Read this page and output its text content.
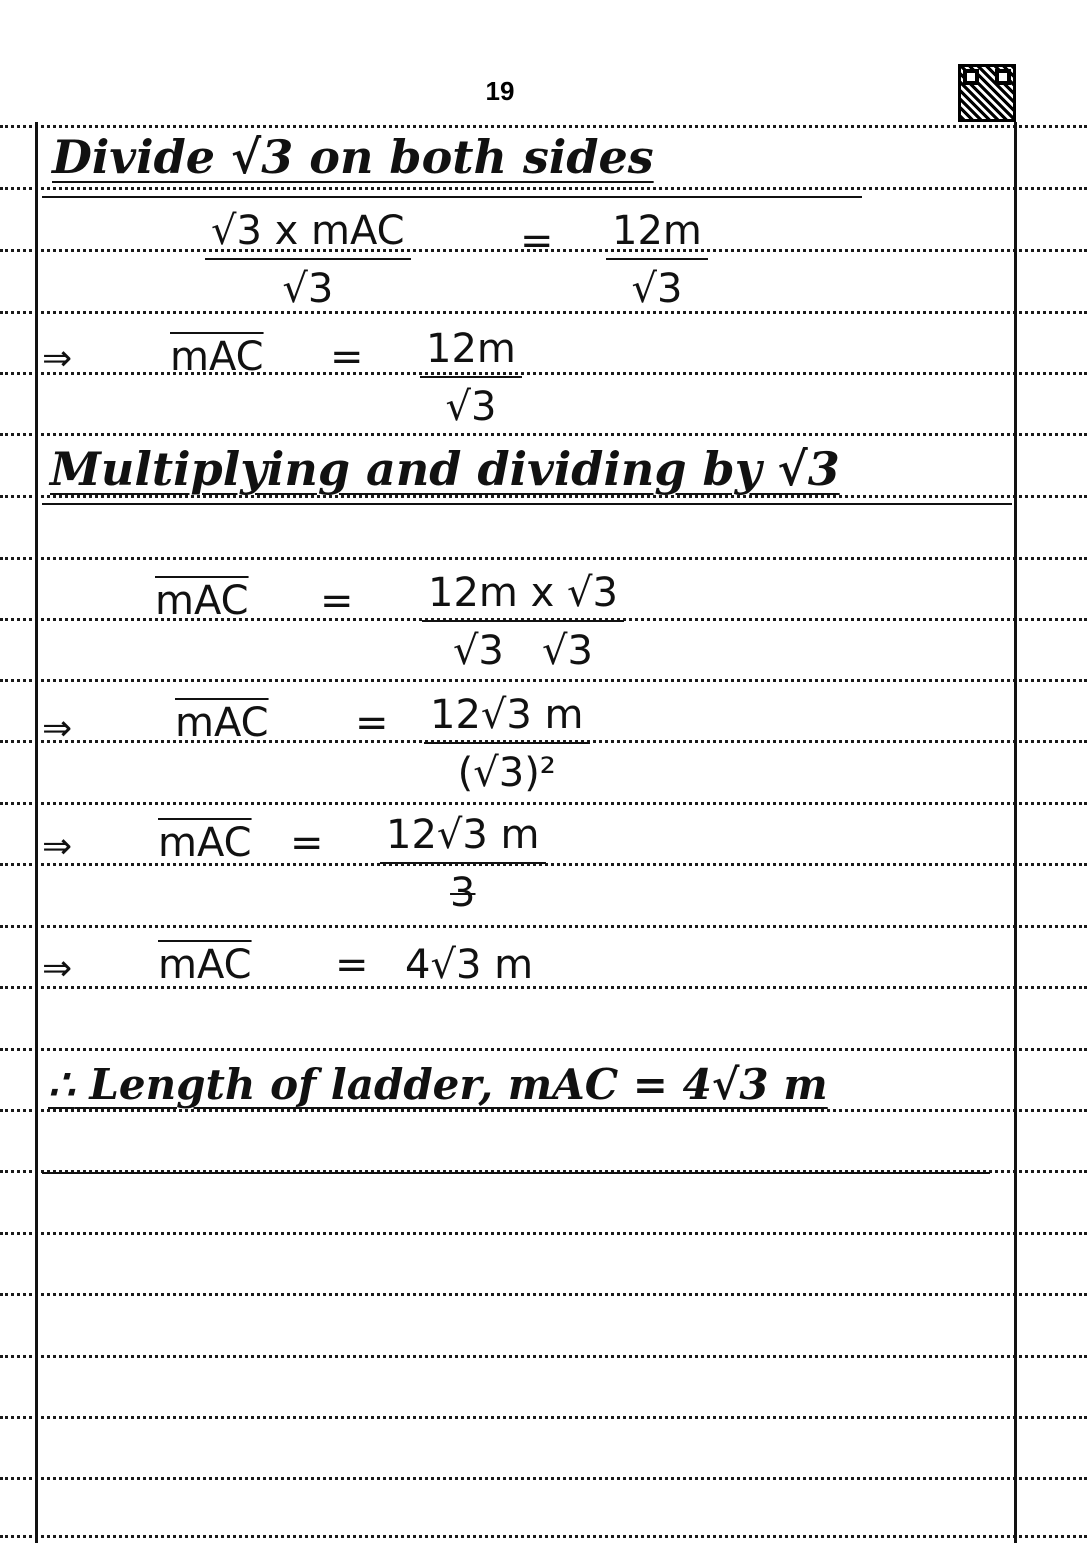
19
Divide √3 on both sides
√3 x mAC
√3
= $\frac{12m}{√3}$
⇒ $\overline{mAC} = \frac{12m}{√3}$
Multiplying and dividing by √3
$\overline{mAC} = \frac{\text{12m x √3}}{√3 √3}$
⇒	$\overline{mAC} = \frac{12√3 m}{\text{(√3)²}}$
⇒ $\overline{mAC} = \frac{12√3 m}{3}$
⇒ $\overline{mAC} = 4√3$ m
∴ Length of ladder, mAC = 4√3 m
